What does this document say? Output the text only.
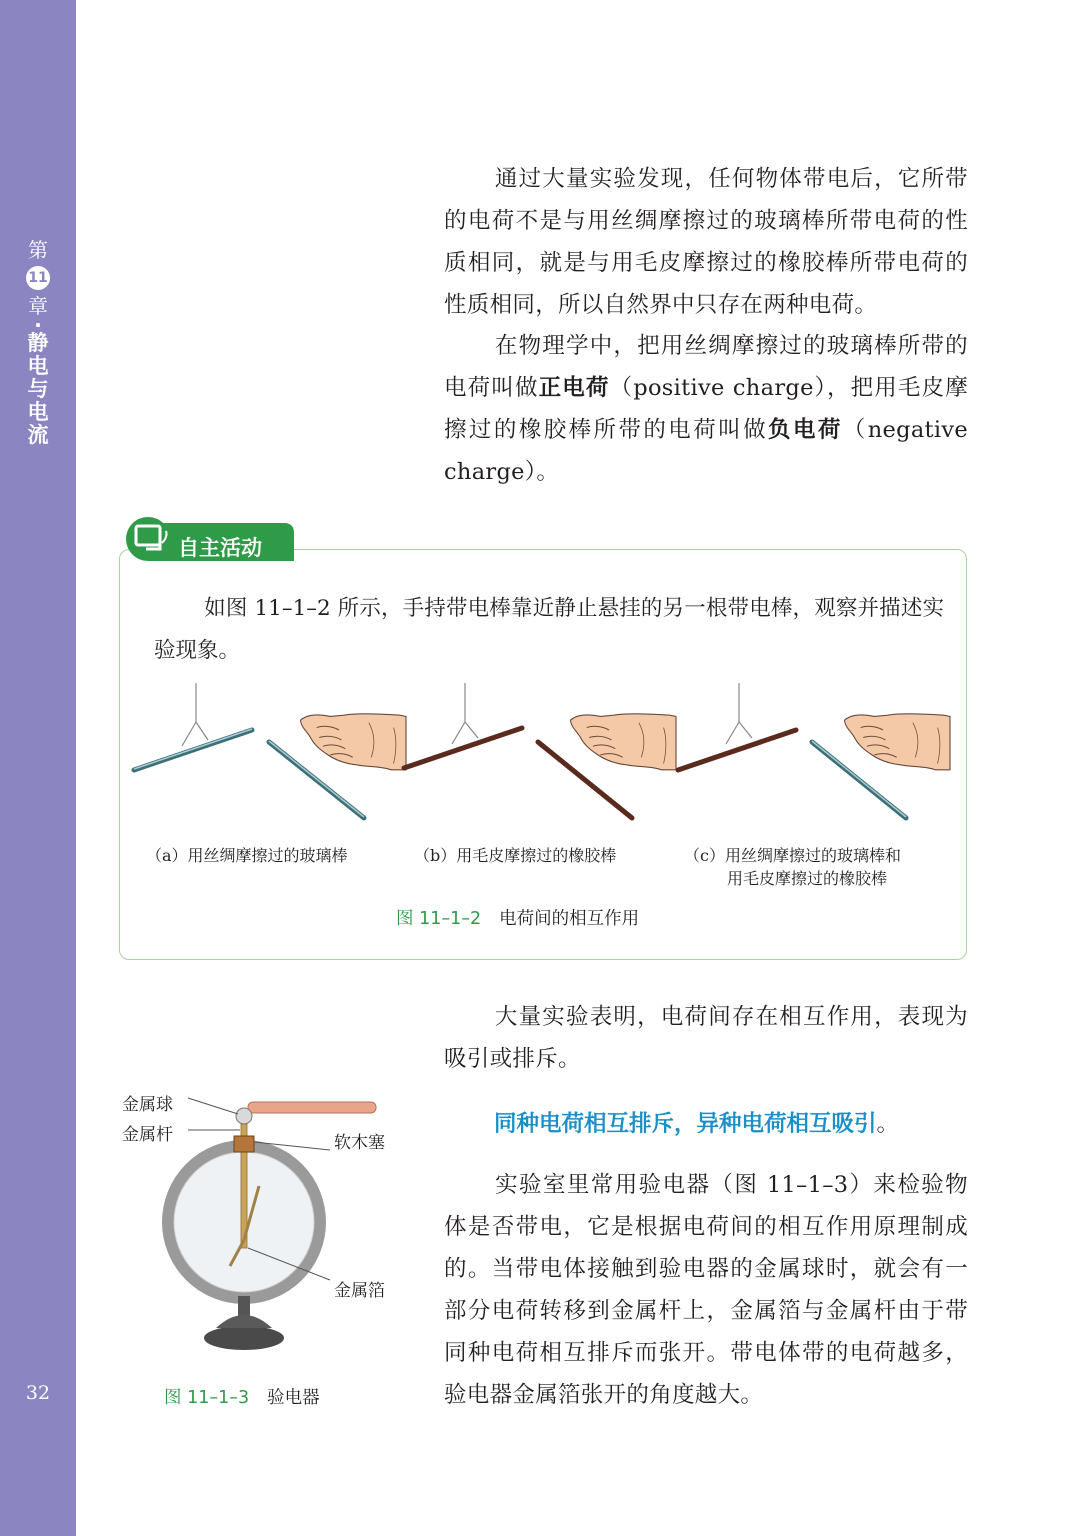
第
11
章
·
静
电
与
电
流
32
通过大量实验发现，任何物体带电后，它所带的电荷不是与用丝绸摩擦过的玻璃棒所带电荷的性质相同，就是与用毛皮摩擦过的橡胶棒所带电荷的性质相同，所以自然界中只存在两种电荷。
在物理学中，把用丝绸摩擦过的玻璃棒所带的电荷叫做正电荷（positive charge），把用毛皮摩擦过的橡胶棒所带的电荷叫做负电荷（negative charge）。
自主活动
如图 11–1–2 所示，手持带电棒靠近静止悬挂的另一根带电棒，观察并描述实验现象。
（a）用丝绸摩擦过的玻璃棒	（b）用毛皮摩擦过的橡胶棒	（c）用丝绸摩擦过的玻璃棒和
用毛皮摩擦过的橡胶棒
图 11–1–2 电荷间的相互作用
大量实验表明，电荷间存在相互作用，表现为吸引或排斥。
同种电荷相互排斥，异种电荷相互吸引。
实验室里常用验电器（图 11–1–3）来检验物体是否带电，它是根据电荷间的相互作用原理制成的。当带电体接触到验电器的金属球时，就会有一部分电荷转移到金属杆上，金属箔与金属杆由于带同种电荷相互排斥而张开。带电体带的电荷越多，验电器金属箔张开的角度越大。
金属球
金属杆	软木塞
金属箔
图 11–1–3 验电器
